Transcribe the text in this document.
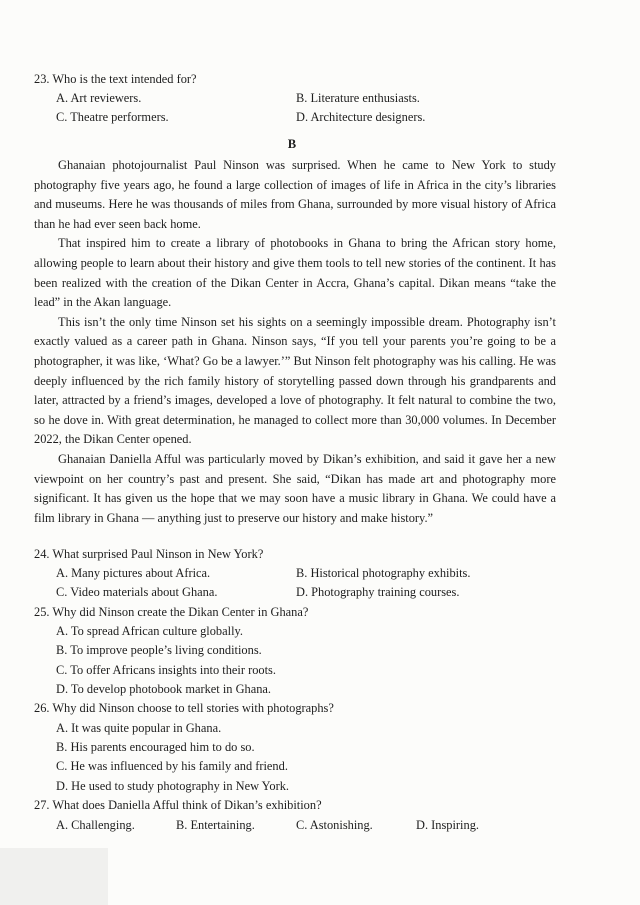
23. Who is the text intended for?
A. Art reviewers.	B. Literature enthusiasts.
C. Theatre performers.	D. Architecture designers.
B

Ghanaian photojournalist Paul Ninson was surprised. When he came to New York to study photography five years ago, he found a large collection of images of life in Africa in the city’s libraries and museums. Here he was thousands of miles from Ghana, surrounded by more visual history of Africa than he had ever seen back home.

That inspired him to create a library of photobooks in Ghana to bring the African story home, allowing people to learn about their history and give them tools to tell new stories of the continent. It has been realized with the creation of the Dikan Center in Accra, Ghana’s capital. Dikan means “take the lead” in the Akan language.

This isn’t the only time Ninson set his sights on a seemingly impossible dream. Photography isn’t exactly valued as a career path in Ghana. Ninson says, “If you tell your parents you’re going to be a photographer, it was like, ‘What? Go be a lawyer.’” But Ninson felt photography was his calling. He was deeply influenced by the rich family history of storytelling passed down through his grandparents and later, attracted by a friend’s images, developed a love of photography. It felt natural to combine the two, so he dove in. With great determination, he managed to collect more than 30,000 volumes. In December 2022, the Dikan Center opened.

Ghanaian Daniella Afful was particularly moved by Dikan’s exhibition, and said it gave her a new viewpoint on her country’s past and present. She said, “Dikan has made art and photography more significant. It has given us the hope that we may soon have a music library in Ghana. We could have a film library in Ghana — anything just to preserve our history and make history.”

24. What surprised Paul Ninson in New York?
A. Many pictures about Africa.	B. Historical photography exhibits.
C. Video materials about Ghana.	D. Photography training courses.
25. Why did Ninson create the Dikan Center in Ghana?
A. To spread African culture globally.
B. To improve people’s living conditions.
C. To offer Africans insights into their roots.
D. To develop photobook market in Ghana.
26. Why did Ninson choose to tell stories with photographs?
A. It was quite popular in Ghana.
B. His parents encouraged him to do so.
C. He was influenced by his family and friend.
D. He used to study photography in New York.
27. What does Daniella Afful think of Dikan’s exhibition?
A. Challenging.	B. Entertaining.	C. Astonishing.	D. Inspiring.
